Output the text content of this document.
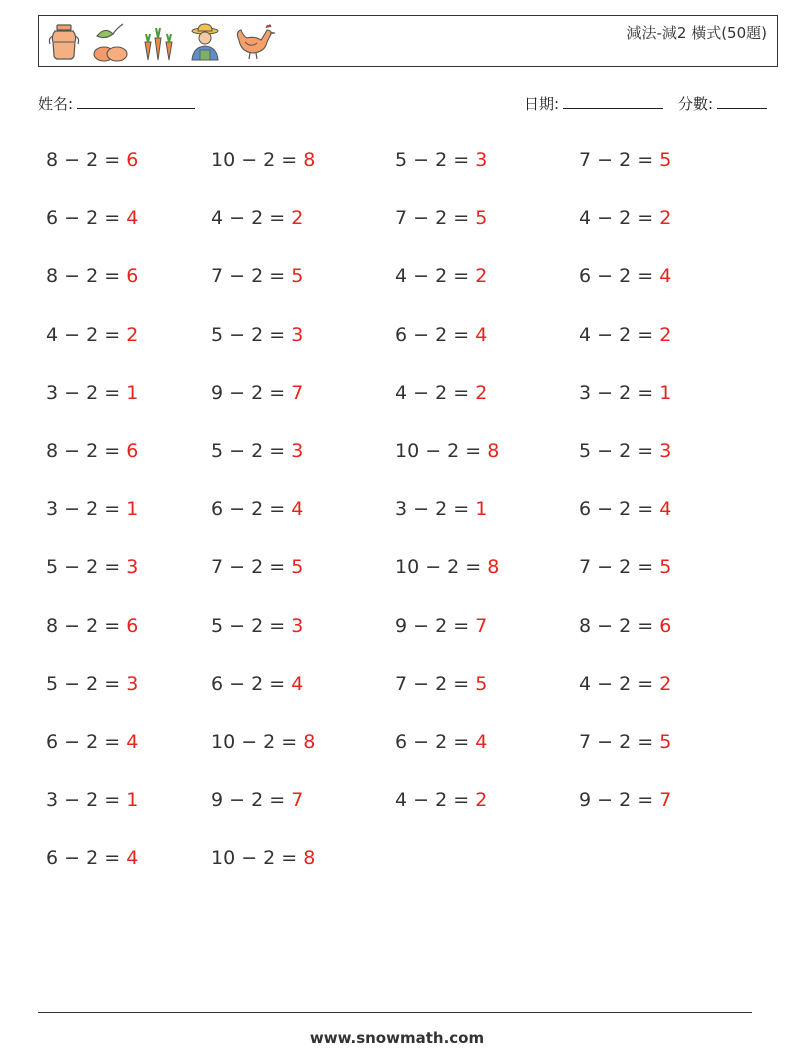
減法-減2 橫式(50題)
姓名:	日期:	分數:
8 − 2 = 6	10 − 2 = 8	5 − 2 = 3	7 − 2 = 5
6 − 2 = 4	4 − 2 = 2	7 − 2 = 5	4 − 2 = 2
8 − 2 = 6	7 − 2 = 5	4 − 2 = 2	6 − 2 = 4
4 − 2 = 2	5 − 2 = 3	6 − 2 = 4	4 − 2 = 2
3 − 2 = 1	9 − 2 = 7	4 − 2 = 2	3 − 2 = 1
8 − 2 = 6	5 − 2 = 3	10 − 2 = 8	5 − 2 = 3
3 − 2 = 1	6 − 2 = 4	3 − 2 = 1	6 − 2 = 4
5 − 2 = 3	7 − 2 = 5	10 − 2 = 8	7 − 2 = 5
8 − 2 = 6	5 − 2 = 3	9 − 2 = 7	8 − 2 = 6
5 − 2 = 3	6 − 2 = 4	7 − 2 = 5	4 − 2 = 2
6 − 2 = 4	10 − 2 = 8	6 − 2 = 4	7 − 2 = 5
3 − 2 = 1	9 − 2 = 7	4 − 2 = 2	9 − 2 = 7
6 − 2 = 4	10 − 2 = 8
www.snowmath.com
